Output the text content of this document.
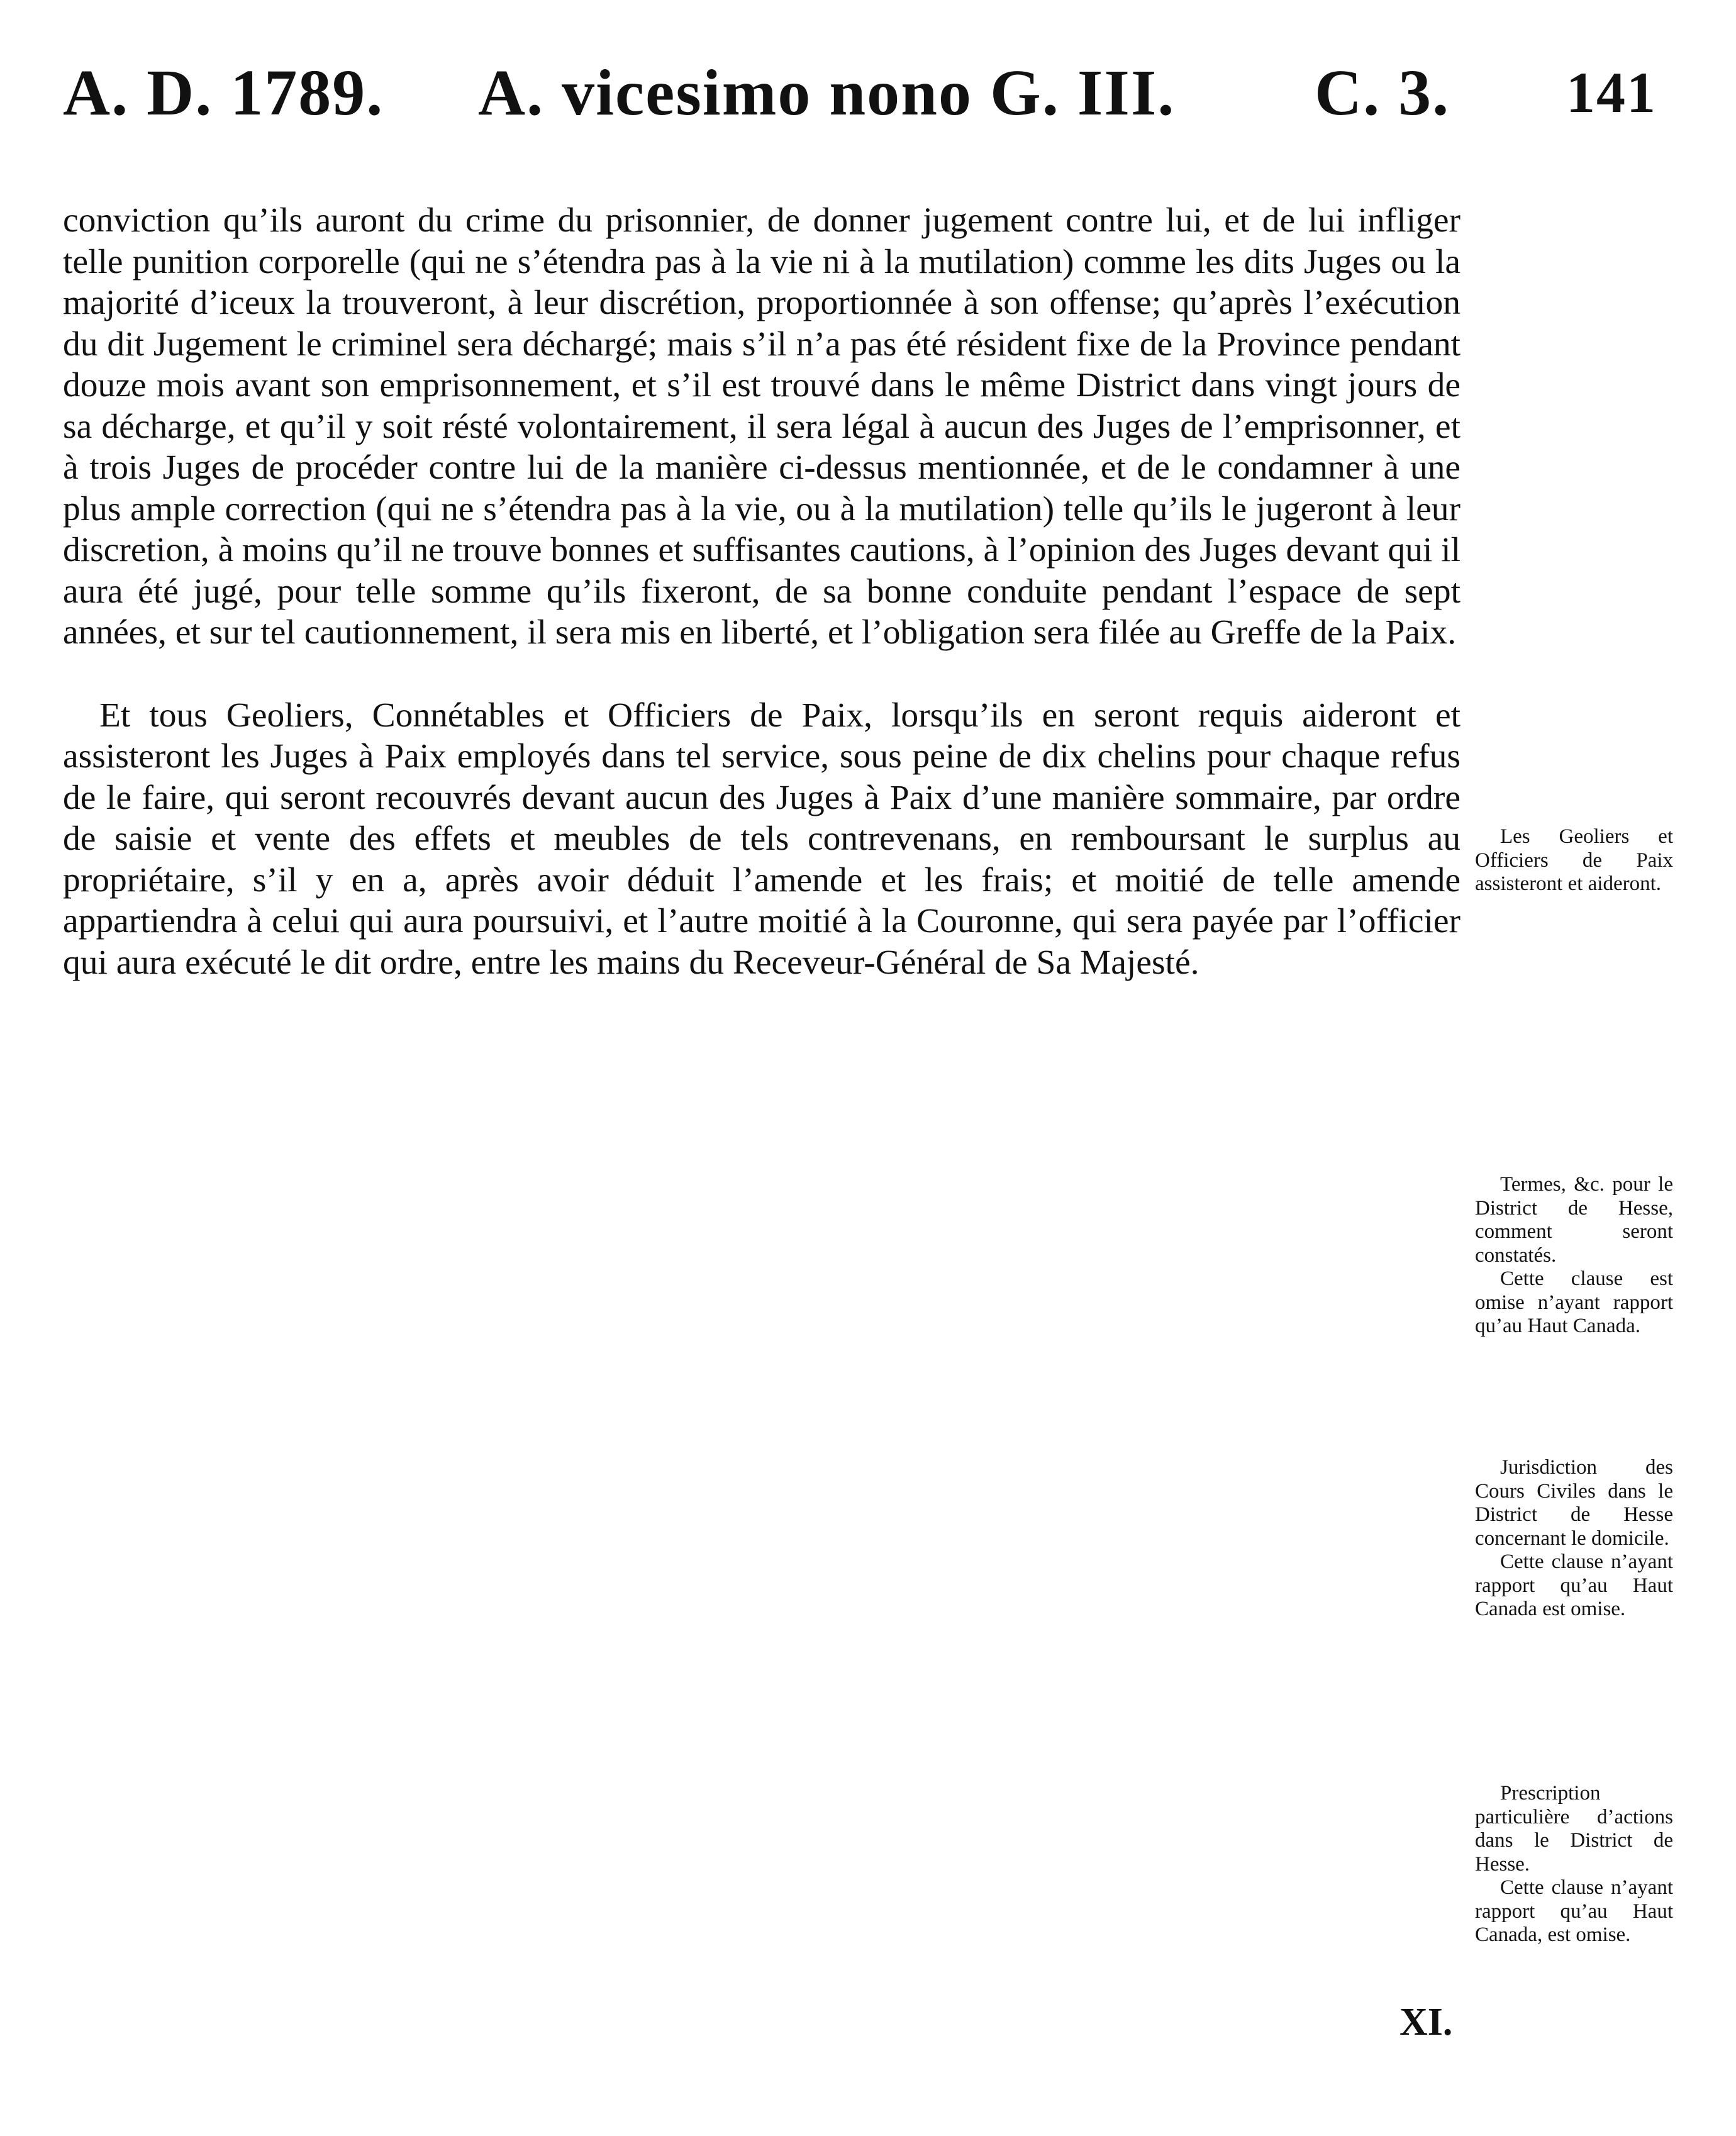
A. D. 1789. A. vicesimo nono G. III. C. 3. 141

conviction qu’ils auront du crime du prisonnier, de donner jugement contre lui, et de lui infliger telle punition corporelle (qui ne s’étendra pas à la vie ni à la mutilation) comme les dits Juges ou la majorité d’iceux la trouveront, à leur discrétion, proportionnée à son offense; qu’après l’exécution du dit Jugement le criminel sera déchargé; mais s’il n’a pas été résident fixe de la Province pendant douze mois avant son emprisonnement, et s’il est trouvé dans le même District dans vingt jours de sa décharge, et qu’il y soit résté volontairement, il sera légal à aucun des Juges de l’emprisonner, et à trois Juges de procéder contre lui de la manière ci-dessus mentionnée, et de le condamner à une plus ample correction (qui ne s’étendra pas à la vie, ou à la mutilation) telle qu’ils le jugeront à leur discretion, à moins qu’il ne trouve bonnes et suffisantes cautions, à l’opinion des Juges devant qui il aura été jugé, pour telle somme qu’ils fixeront, de sa bonne conduite pendant l’espace de sept années, et sur tel cautionnement, il sera mis en liberté, et l’obligation sera filée au Greffe de la Paix.

Et tous Geoliers, Connétables et Officiers de Paix, lorsqu’ils en seront requis aideront et assisteront les Juges à Paix employés dans tel service, sous peine de dix chelins pour chaque refus de le faire, qui seront recouvrés devant aucun des Juges à Paix d’une manière sommaire, par ordre de saisie et vente des effets et meubles de tels contrevenans, en remboursant le surplus au propriétaire, s’il y en a, après avoir déduit l’amende et les frais; et moitié de telle amende appartiendra à celui qui aura poursuivi, et l’autre moitié à la Couronne, qui sera payée par l’officier qui aura exécuté le dit ordre, entre les mains du Receveur-Général de Sa Majesté.

Les Geoliers et Officiers de Paix assisteront et aideront.

Termes, &c. pour le District de Hesse, comment seront constatés.

Cette clause est omise n’ayant rapport qu’au Haut Canada.

Jurisdiction des Cours Civiles dans le District de Hesse concernant le domicile.

Cette clause n’ayant rapport qu’au Haut Canada est omise.

Prescription particulière d’actions dans le District de Hesse.

Cette clause n’ayant rapport qu’au Haut Canada, est omise.

XI.
